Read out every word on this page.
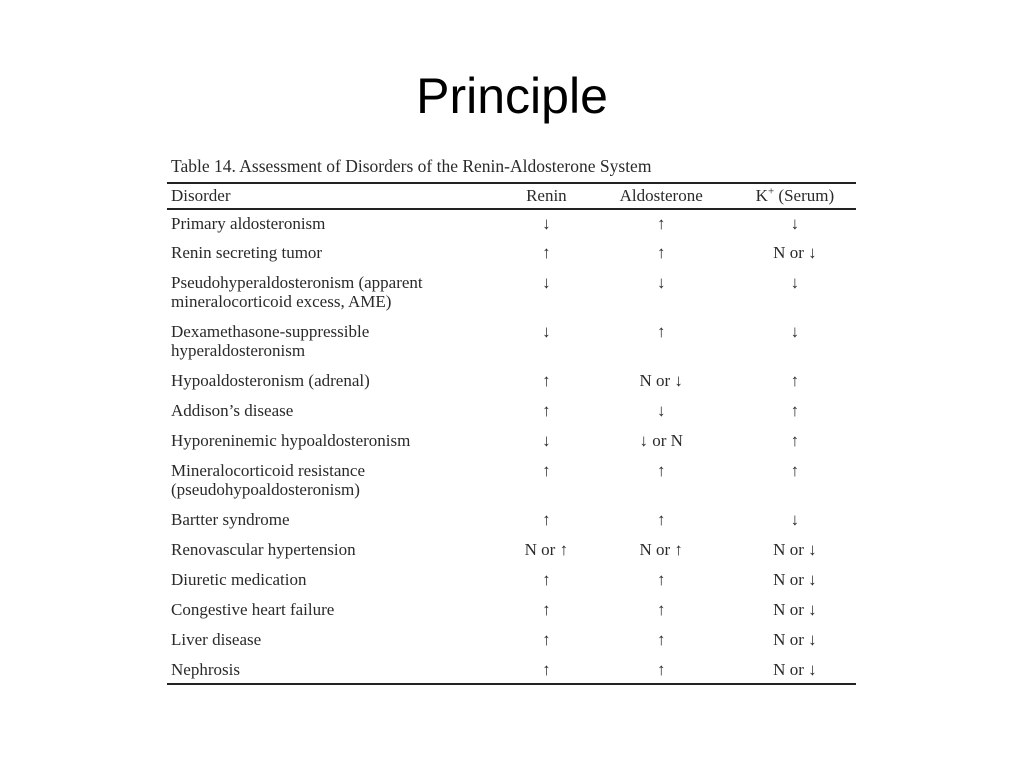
Principle
Table 14. Assessment of Disorders of the Renin-Aldosterone System
Disorder	Renin	Aldosterone	K+ (Serum)
Primary aldosteronism	↓	↑	↓
Renin secreting tumor	↑	↑	N or ↓
Pseudohyperaldosteronism (apparent
mineralocorticoid excess, AME)	↓	↓	↓
Dexamethasone-suppressible
hyperaldosteronism	↓	↑	↓
Hypoaldosteronism (adrenal)	↑	N or ↓	↑
Addison’s disease	↑	↓	↑
Hyporeninemic hypoaldosteronism	↓	↓ or N	↑
Mineralocorticoid resistance
(pseudohypoaldosteronism)	↑	↑	↑
Bartter syndrome	↑	↑	↓
Renovascular hypertension	N or ↑	N or ↑	N or ↓
Diuretic medication	↑	↑	N or ↓
Congestive heart failure	↑	↑	N or ↓
Liver disease	↑	↑	N or ↓
Nephrosis	↑	↑	N or ↓
